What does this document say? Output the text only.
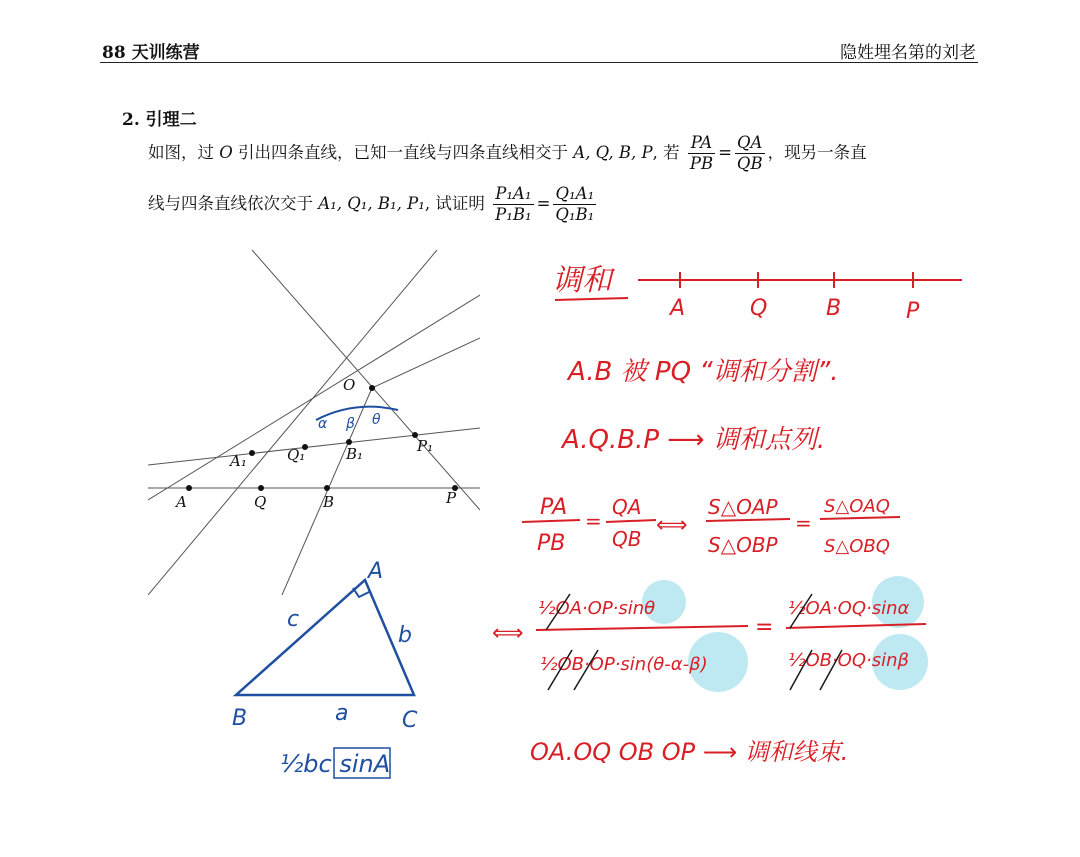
88 天训练营	隐姓埋名第的刘老
2. 引理二
如图，过 O 引出四条直线，已知一直线与四条直线相交于 A, Q, B, P, 若 $\frac{PA}{PB} = \frac{QA}{QB}$ ，现另一条直
线与四条直线依次交于 A₁, Q₁, B₁, P₁, 试证明 $\frac{\text{P₁A₁}}{\text{P₁B₁}} = \frac{\text{Q₁A₁}}{\text{Q₁B₁}}$
O
A	Q	B	P
A₁	Q₁	B₁	P₁
α β θ
A
B	C
a
b
c
½bc sinA
调和
A	Q	B	P
A.B 被 PQ “调和分割”.
A.Q.B.P ⟶ 调和点列.
PA
PB
=
QA
QB
⟺
S△OAP
S△OBP
=
S△OAQ
S△OBQ
⟺
½OA·OP·sinθ
½OB·OP·sin(θ-α-β)
=
½OA·OQ·sinα
½OB·OQ·sinβ
OA.OQ OB OP ⟶ 调和线束.
